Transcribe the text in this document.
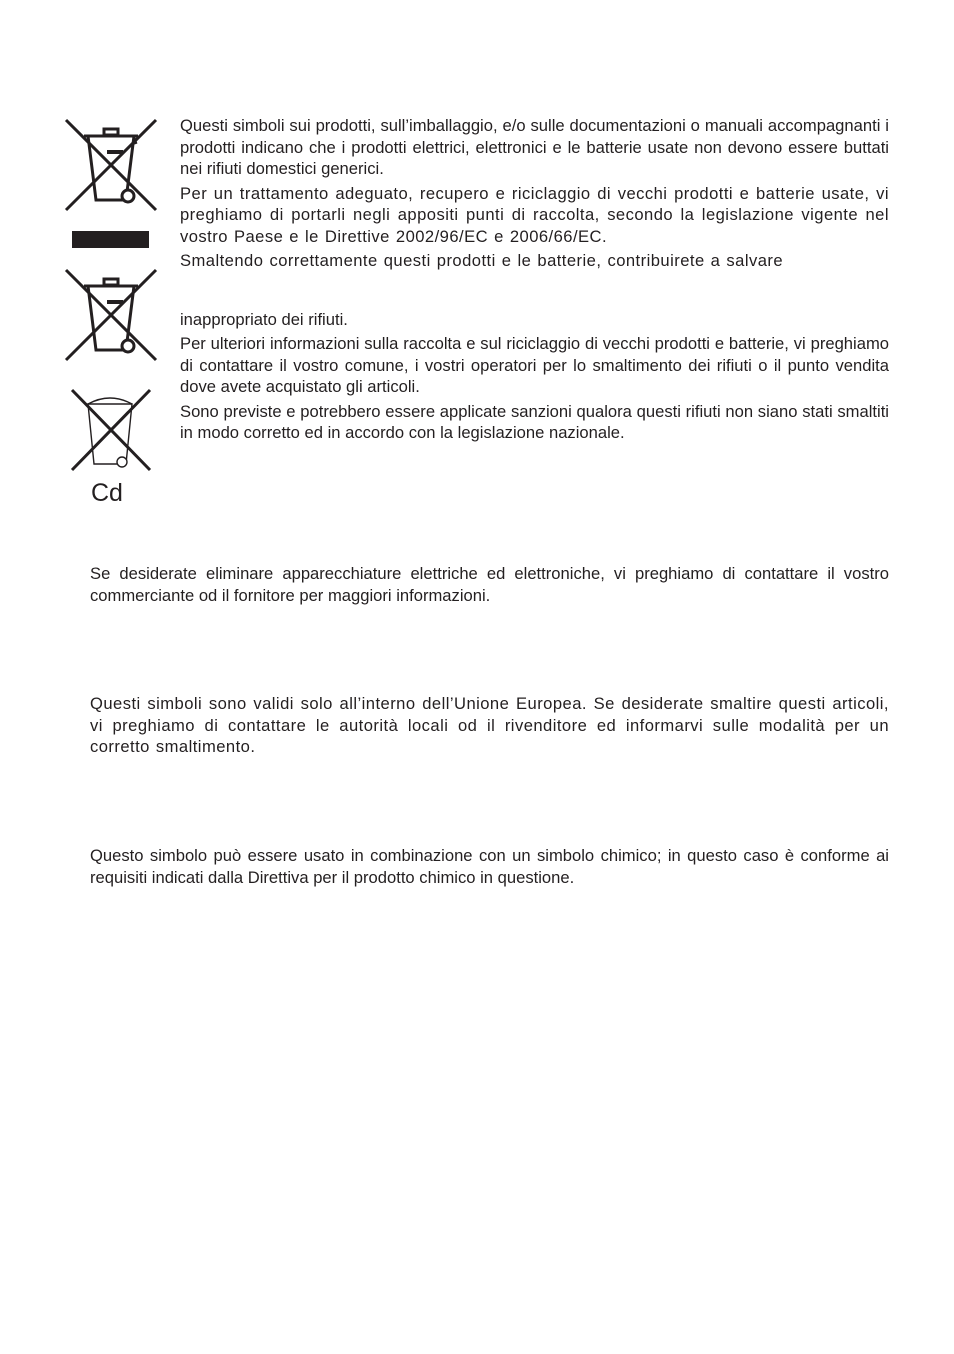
Cd

Questi simboli sui prodotti, sull’imballaggio, e/o sulle documentazioni o manuali accompagnanti i prodotti indicano che i prodotti elettrici, elettronici e le batterie usate non devono essere buttati nei rifiuti domestici generici.

Per un trattamento adeguato, recupero e riciclaggio di vecchi prodotti e batterie usate, vi preghiamo di portarli negli appositi punti di raccolta, secondo la legislazione vigente nel vostro Paese e le Direttive 2002/96/EC e 2006/66/EC.

Smaltendo correttamente questi prodotti e le batterie, contribuirete a salvare

inappropriato dei rifiuti.

Per ulteriori informazioni sulla raccolta e sul riciclaggio di vecchi prodotti e batterie, vi preghiamo di contattare il vostro comune, i vostri operatori per lo smaltimento dei rifiuti o il punto vendita dove avete acquistato gli articoli.

Sono previste e potrebbero essere applicate sanzioni qualora questi rifiuti non siano stati smaltiti in modo corretto ed in accordo con la legislazione nazionale.

Se desiderate eliminare apparecchiature elettriche ed elettroniche, vi preghiamo di contattare il vostro commerciante od il fornitore per maggiori informazioni.

Questi simboli sono validi solo all’interno dell’Unione Europea. Se desiderate smaltire questi articoli, vi preghiamo di contattare le autorità locali od il rivenditore ed informarvi sulle modalità per un corretto smaltimento.

Questo simbolo può essere usato in combinazione con un simbolo chimico; in questo caso è conforme ai requisiti indicati dalla Direttiva per il prodotto chimico in questione.
